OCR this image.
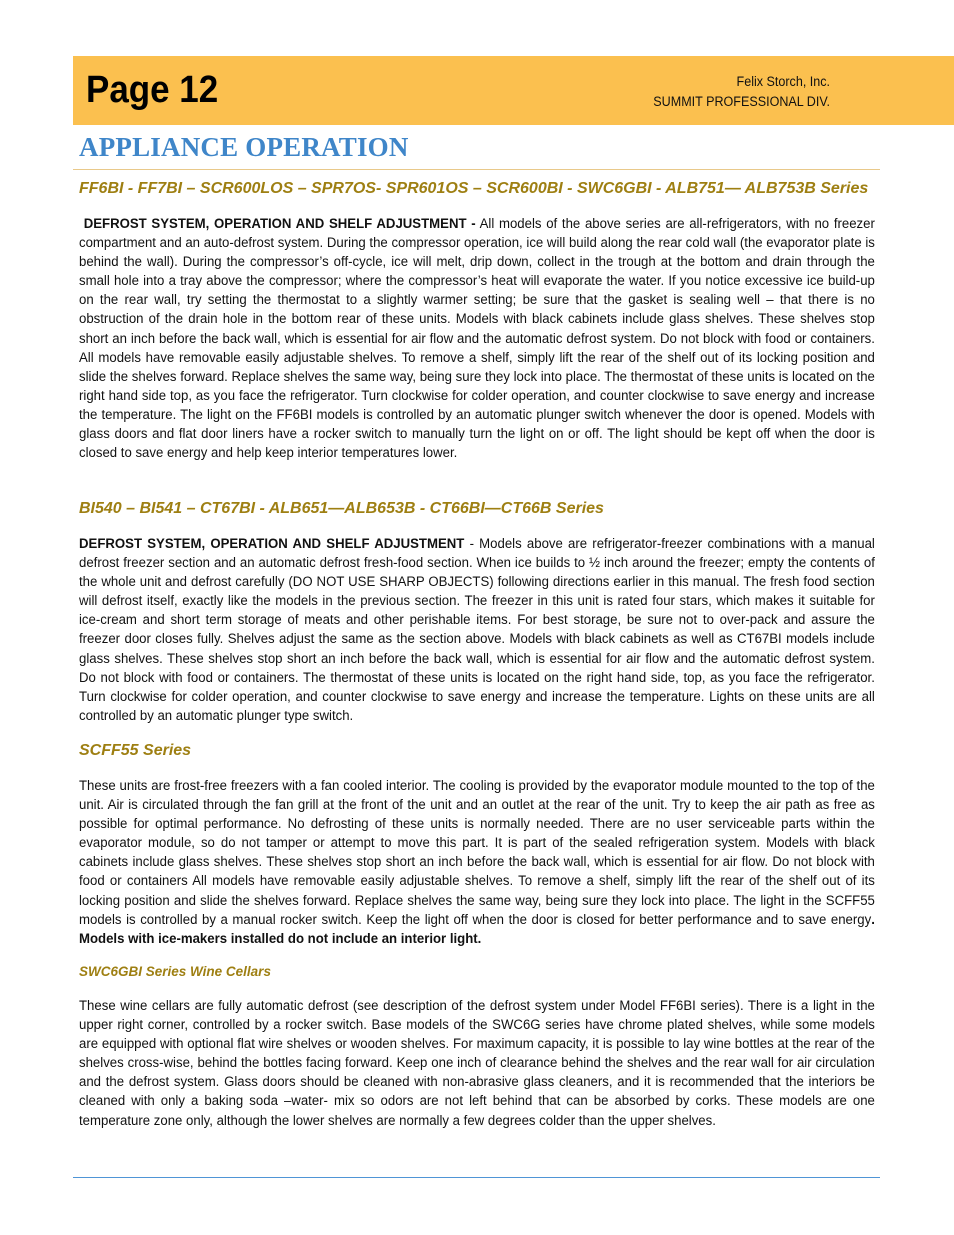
Page 12	Felix Storch, Inc.
SUMMIT PROFESSIONAL DIV.
APPLIANCE OPERATION
FF6BI - FF7BI – SCR600LOS – SPR7OS- SPR601OS – SCR600BI - SWC6GBI - ALB751— ALB753B Series

DEFROST SYSTEM, OPERATION AND SHELF ADJUSTMENT - All models of the above series are all-refrigerators, with no freezer compartment and an auto-defrost system. During the compressor operation, ice will build along the rear cold wall (the evaporator plate is behind the wall). During the compressor’s off-cycle, ice will melt, drip down, collect in the trough at the bottom and drain through the small hole into a tray above the compressor; where the compressor’s heat will evaporate the water. If you notice excessive ice build-up on the rear wall, try setting the thermostat to a slightly warmer setting; be sure that the gasket is sealing well – that there is no obstruction of the drain hole in the bottom rear of these units. Models with black cabinets include glass shelves. These shelves stop short an inch before the back wall, which is essential for air flow and the automatic defrost system. Do not block with food or containers. All models have removable easily adjustable shelves. To remove a shelf, simply lift the rear of the shelf out of its locking position and slide the shelves forward. Replace shelves the same way, being sure they lock into place. The thermostat of these units is located on the right hand side top, as you face the refrigerator. Turn clockwise for colder operation, and counter clockwise to save energy and increase the temperature. The light on the FF6BI models is controlled by an automatic plunger switch whenever the door is opened. Models with glass doors and flat door liners have a rocker switch to manually turn the light on or off. The light should be kept off when the door is closed to save energy and help keep interior temperatures lower.

BI540 – BI541 – CT67BI - ALB651—ALB653B - CT66BI—CT66B Series

DEFROST SYSTEM, OPERATION AND SHELF ADJUSTMENT - Models above are refrigerator-freezer combinations with a manual defrost freezer section and an automatic defrost fresh-food section. When ice builds to ½ inch around the freezer; empty the contents of the whole unit and defrost carefully (DO NOT USE SHARP OBJECTS) following directions earlier in this manual. The fresh food section will defrost itself, exactly like the models in the previous section. The freezer in this unit is rated four stars, which makes it suitable for ice-cream and short term storage of meats and other perishable items. For best storage, be sure not to over-pack and assure the freezer door closes fully. Shelves adjust the same as the section above. Models with black cabinets as well as CT67BI models include glass shelves. These shelves stop short an inch before the back wall, which is essential for air flow and the automatic defrost system. Do not block with food or containers. The thermostat of these units is located on the right hand side, top, as you face the refrigerator. Turn clockwise for colder operation, and counter clockwise to save energy and increase the temperature. Lights on these units are all controlled by an automatic plunger type switch.

SCFF55 Series

These units are frost-free freezers with a fan cooled interior. The cooling is provided by the evaporator module mounted to the top of the unit. Air is circulated through the fan grill at the front of the unit and an outlet at the rear of the unit. Try to keep the air path as free as possible for optimal performance. No defrosting of these units is normally needed. There are no user serviceable parts within the evaporator module, so do not tamper or attempt to move this part. It is part of the sealed refrigeration system. Models with black cabinets include glass shelves. These shelves stop short an inch before the back wall, which is essential for air flow. Do not block with food or containers All models have removable easily adjustable shelves. To remove a shelf, simply lift the rear of the shelf out of its locking position and slide the shelves forward. Replace shelves the same way, being sure they lock into place. The light in the SCFF55 models is controlled by a manual rocker switch. Keep the light off when the door is closed for better performance and to save energy. Models with ice-makers installed do not include an interior light.

SWC6GBI Series Wine Cellars

These wine cellars are fully automatic defrost (see description of the defrost system under Model FF6BI series). There is a light in the upper right corner, controlled by a rocker switch. Base models of the SWC6G series have chrome plated shelves, while some models are equipped with optional flat wire shelves or wooden shelves. For maximum capacity, it is possible to lay wine bottles at the rear of the shelves cross-wise, behind the bottles facing forward. Keep one inch of clearance behind the shelves and the rear wall for air circulation and the defrost system. Glass doors should be cleaned with non-abrasive glass cleaners, and it is recommended that the interiors be cleaned with only a baking soda –water- mix so odors are not left behind that can be absorbed by corks. These models are one temperature zone only, although the lower shelves are normally a few degrees colder than the upper shelves.
